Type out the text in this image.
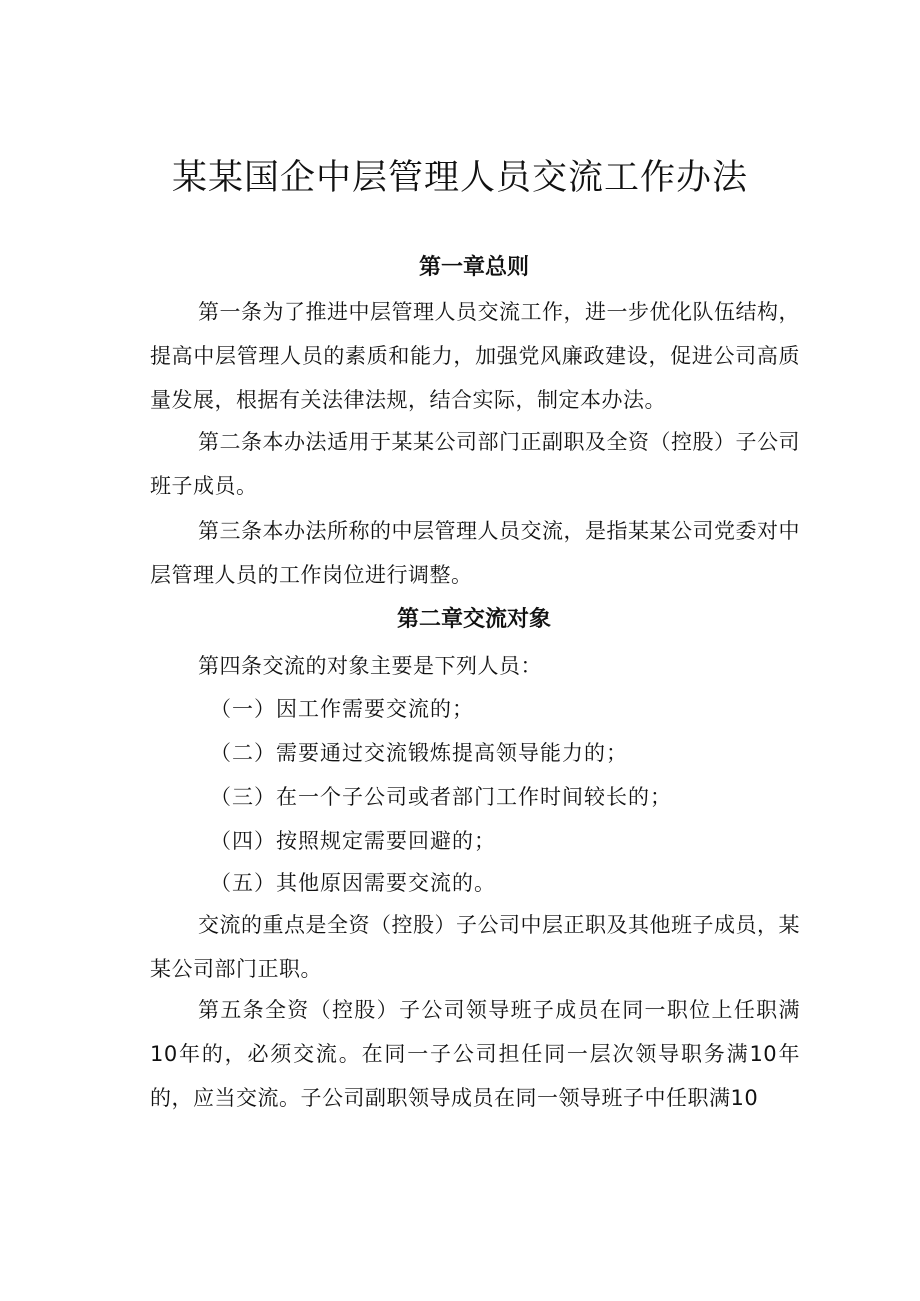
某某国企中层管理人员交流工作办法
第一章总则

第一条为了推进中层管理人员交流工作，进一步优化队伍结构，提高中层管理人员的素质和能力，加强党风廉政建设，促进公司高质量发展，根据有关法律法规，结合实际，制定本办法。

第二条本办法适用于某某公司部门正副职及全资（控股）子公司班子成员。

第三条本办法所称的中层管理人员交流，是指某某公司党委对中层管理人员的工作岗位进行调整。

第二章交流对象

第四条交流的对象主要是下列人员：

（一）因工作需要交流的；

（二）需要通过交流锻炼提高领导能力的；

（三）在一个子公司或者部门工作时间较长的；

（四）按照规定需要回避的；

（五）其他原因需要交流的。

交流的重点是全资（控股）子公司中层正职及其他班子成员，某某公司部门正职。

第五条全资（控股）子公司领导班子成员在同一职位上任职满10年的，必须交流。在同一子公司担任同一层次领导职务满10年的，应当交流。子公司副职领导成员在同一领导班子中任职满10
